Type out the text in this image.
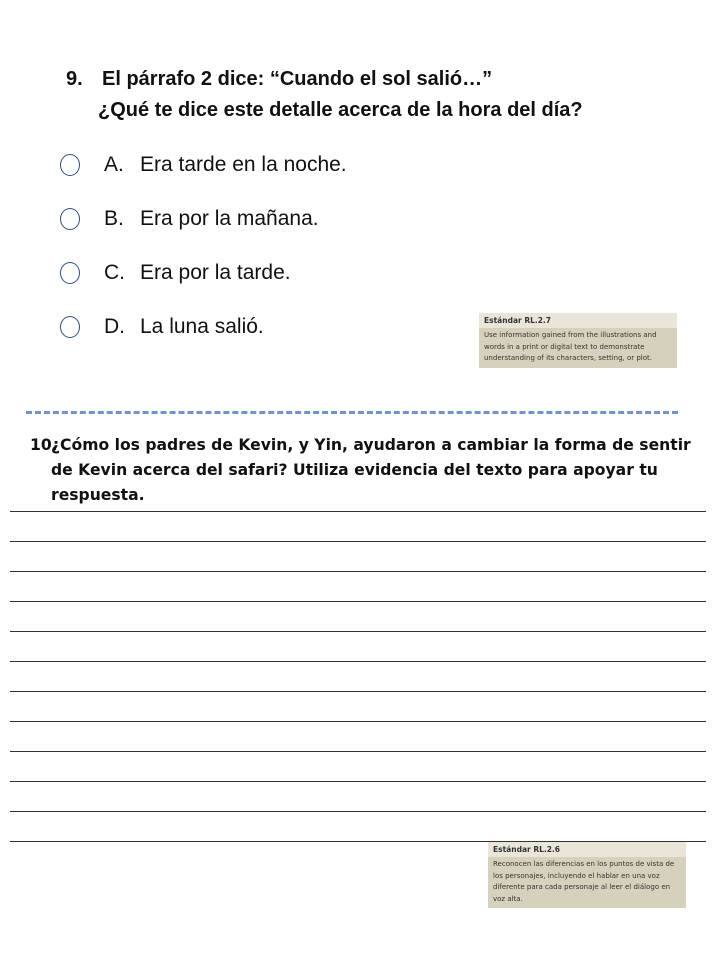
9. El párrafo 2 dice: “Cuando el sol salió…”
¿Qué te dice este detalle acerca de la hora del día?
A. Era tarde en la noche.
B. Era por la mañana.
C. Era por la tarde.
D. La luna salió.	Estándar RL.2.7
Use information gained from the illustrations and words in a print or digital text to demonstrate understanding of its characters, setting, or plot.
10.
¿Cómo los padres de Kevin, y Yin, ayudaron a cambiar la forma de sentir de Kevin acerca del safari? Utiliza evidencia del texto para apoyar tu respuesta.
Estándar RL.2.6
Reconocen las diferencias en los puntos de vista de los personajes, incluyendo el hablar en una voz diferente para cada personaje al leer el diálogo en voz alta.
